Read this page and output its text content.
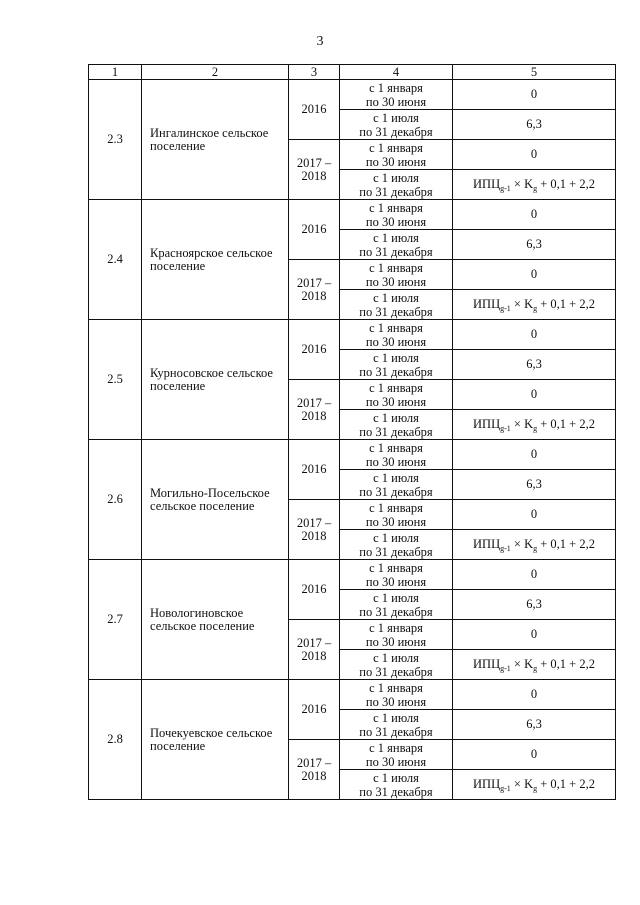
3
1	2	3	4	5
2.3	Ингалинское сельское поселение	2016	с 1 января
по 30 июня	0

			с 1 июля
по 31 декабря	6,3

		2017 –
2018	с 1 января
по 30 июня	0

			с 1 июля
по 31 декабря	$ИПЦ_{g-1} \times K_g + 0,1 + 2,2$
2.4	Красноярское сельское поселение	2016	с 1 января
по 30 июня	0

			с 1 июля
по 31 декабря	6,3

		2017 –
2018	с 1 января
по 30 июня	0

			с 1 июля
по 31 декабря	$ИПЦ_{g-1} \times K_g + 0,1 + 2,2$
2.5	Курносовское сельское поселение	2016	с 1 января
по 30 июня	0

			с 1 июля
по 31 декабря	6,3

		2017 –
2018	с 1 января
по 30 июня	0

			с 1 июля
по 31 декабря	$ИПЦ_{g-1} \times K_g + 0,1 + 2,2$
2.6	Могильно-Посельское сельское поселение	2016	с 1 января
по 30 июня	0

			с 1 июля
по 31 декабря	6,3

		2017 –
2018	с 1 января
по 30 июня	0

			с 1 июля
по 31 декабря	$ИПЦ_{g-1} \times K_g + 0,1 + 2,2$
2.7	Новологиновское сельское поселение	2016	с 1 января
по 30 июня	0

			с 1 июля
по 31 декабря	6,3

		2017 –
2018	с 1 января
по 30 июня	0

			с 1 июля
по 31 декабря	$ИПЦ_{g-1} \times K_g + 0,1 + 2,2$
2.8	Почекуевское сельское поселение	2016	с 1 января
по 30 июня	0

			с 1 июля
по 31 декабря	6,3

		2017 –
2018	с 1 января
по 30 июня	0

			с 1 июля
по 31 декабря	$ИПЦ_{g-1} \times K_g + 0,1 + 2,2$
